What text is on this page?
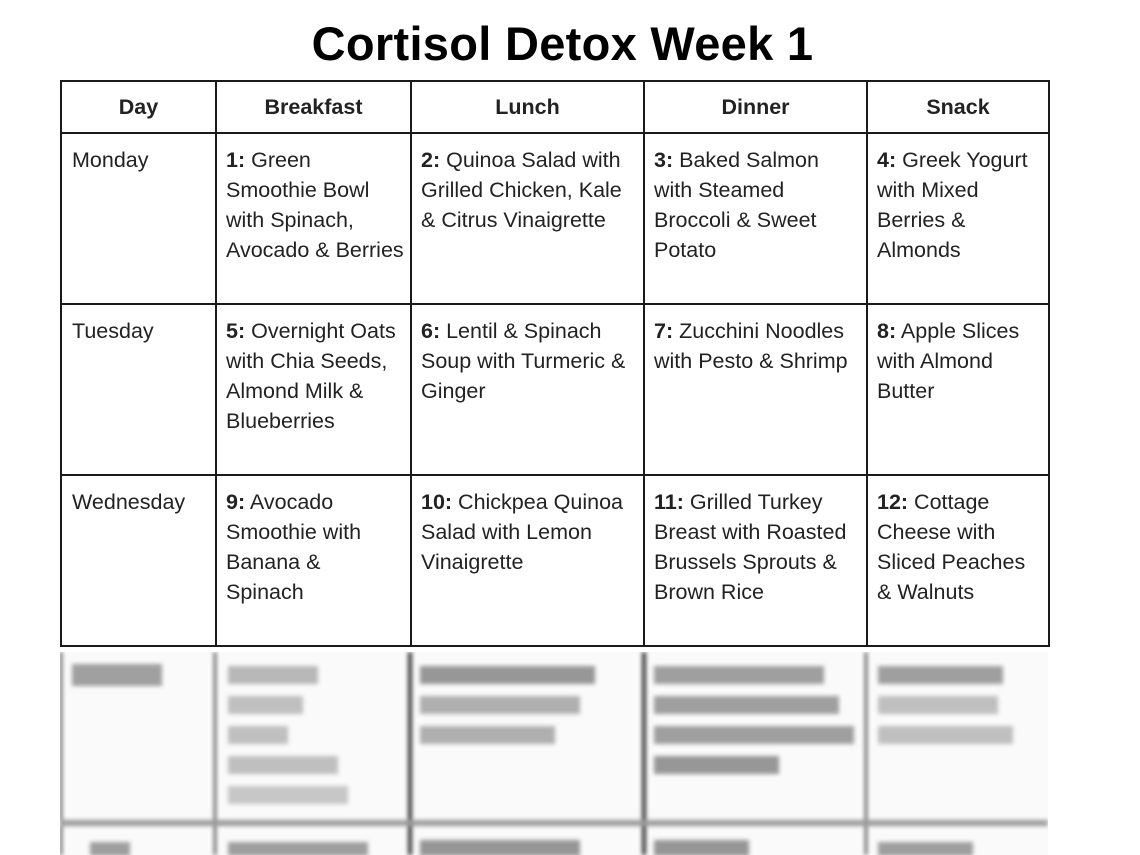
Cortisol Detox Week 1
Day	Breakfast	Lunch	Dinner	Snack
Monday	1: Green Smoothie Bowl with Spinach, Avocado & Berries	2: Quinoa Salad with Grilled Chicken, Kale & Citrus Vinaigrette	3: Baked Salmon with Steamed Broccoli & Sweet Potato	4: Greek Yogurt with Mixed Berries & Almonds
Tuesday	5: Overnight Oats with Chia Seeds, Almond Milk & Blueberries	6: Lentil & Spinach Soup with Turmeric & Ginger	7: Zucchini Noodles with Pesto & Shrimp	8: Apple Slices with Almond Butter
Wednesday	9: Avocado Smoothie with Banana & Spinach	10: Chickpea Quinoa Salad with Lemon Vinaigrette	11: Grilled Turkey Breast with Roasted Brussels Sprouts & Brown Rice	12: Cottage Cheese with Sliced Peaches & Walnuts
